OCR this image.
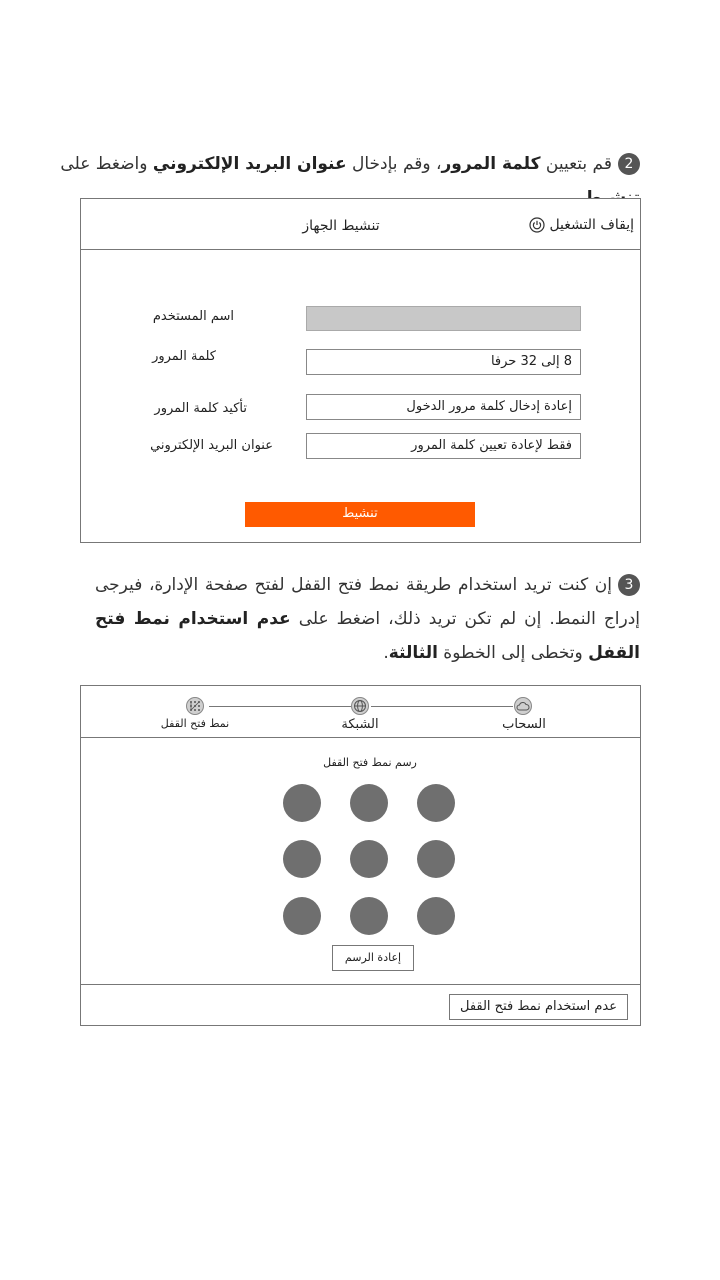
2قم بتعيين كلمة المرور، وقم بإدخال عنوان البريد الإلكتروني واضغط على
إيقاف التشغيل
تنشيط الجهاز
اسم المستخدم
كلمة المرور	8 إلى 32 حرفا
تأكيد كلمة المرور	إعادة إدخال كلمة مرور الدخول
عنوان البريد الإلكتروني	فقط لإعادة تعيين كلمة المرور
تنشيط
3إن كنت تريد استخدام طريقة نمط فتح القفل لفتح صفحة الإدارة، فيرجى إدراج النمط. إن لم تكن تريد ذلك، اضغط على عدم استخدام نمط فتح القفل وتخطى إلى الخطوة الثالثة.
السحاب
الشبكة
نمط فتح القفل
رسم نمط فتح القفل
إعادة الرسم
عدم استخدام نمط فتح القفل
